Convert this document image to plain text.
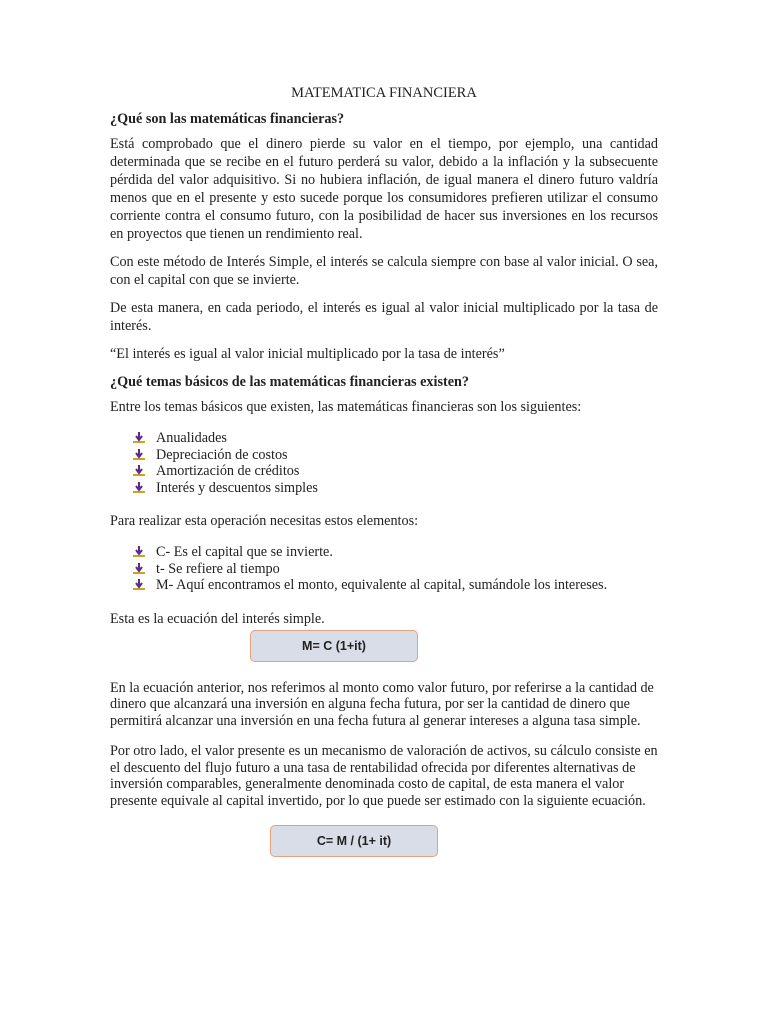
MATEMATICA FINANCIERA
¿Qué son las matemáticas financieras?

Está comprobado que el dinero pierde su valor en el tiempo, por ejemplo, una cantidad determinada que se recibe en el futuro perderá su valor, debido a la inflación y la subsecuente pérdida del valor adquisitivo. Si no hubiera inflación, de igual manera el dinero futuro valdría menos que en el presente y esto sucede porque los consumidores prefieren utilizar el consumo corriente contra el consumo futuro, con la posibilidad de hacer sus inversiones en los recursos en proyectos que tienen un rendimiento real.

Con este método de Interés Simple, el interés se calcula siempre con base al valor inicial. O sea, con el capital con que se invierte.

De esta manera, en cada periodo, el interés es igual al valor inicial multiplicado por la tasa de interés.

“El interés es igual al valor inicial multiplicado por la tasa de interés”

¿Qué temas básicos de las matemáticas financieras existen?

Entre los temas básicos que existen, las matemáticas financieras son los siguientes:

Anualidades
Depreciación de costos
Amortización de créditos
Interés y descuentos simples

Para realizar esta operación necesitas estos elementos:

C- Es el capital que se invierte.
t- Se refiere al tiempo
M- Aquí encontramos el monto, equivalente al capital, sumándole los intereses.

Esta es la ecuación del interés simple.

M= C (1+it)

En la ecuación anterior, nos referimos al monto como valor futuro, por referirse a la cantidad de dinero que alcanzará una inversión en alguna fecha futura, por ser la cantidad de dinero que permitirá alcanzar una inversión en una fecha futura al generar intereses a alguna tasa simple.

Por otro lado, el valor presente es un mecanismo de valoración de activos, su cálculo consiste en el descuento del flujo futuro a una tasa de rentabilidad ofrecida por diferentes alternativas de inversión comparables, generalmente denominada costo de capital, de esta manera el valor presente equivale al capital invertido, por lo que puede ser estimado con la siguiente ecuación.

C= M / (1+ it)
